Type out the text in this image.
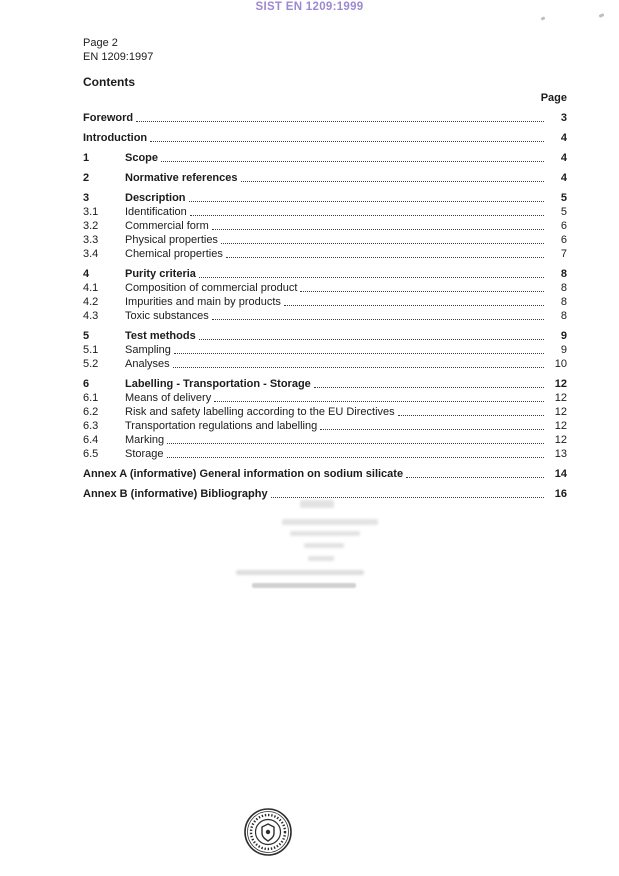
SIST EN 1209:1999
Page 2
EN 1209:1997
Contents
Page
Foreword	3
Introduction	4
1	Scope	4
2	Normative references	4
3	Description	5
3.1	Identification	5
3.2	Commercial form	6
3.3	Physical properties	6
3.4	Chemical properties	7
4	Purity criteria	8
4.1	Composition of commercial product	8
4.2	Impurities and main by products	8
4.3	Toxic substances	8
5	Test methods	9
5.1	Sampling	9
5.2	Analyses	10
6	Labelling - Transportation - Storage	12
6.1	Means of delivery	12
6.2	Risk and safety labelling according to the EU Directives	12
6.3	Transportation regulations and labelling	12
6.4	Marking	12
6.5	Storage	13
Annex A (informative) General information on sodium silicate	14
Annex B (informative) Bibliography	16
